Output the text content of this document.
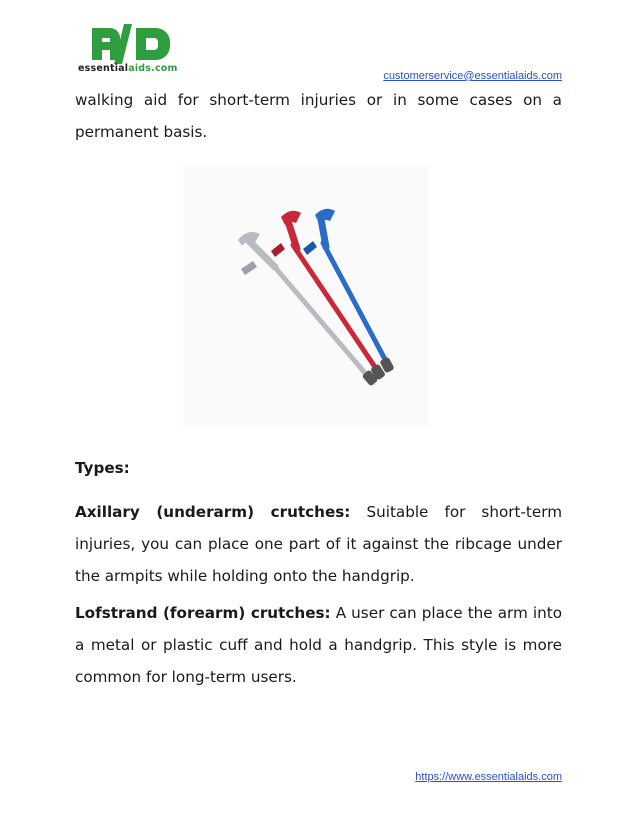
essentialaids.com
customerservice@essentialaids.com
walking aid for short-term injuries or in some cases on a permanent basis.
Types:

Axillary (underarm) crutches: Suitable for short-term injuries, you can place one part of it against the ribcage under the armpits while holding onto the handgrip.

Lofstrand (forearm) crutches: A user can place the arm into a metal or plastic cuff and hold a handgrip. This style is more common for long-term users.

https://www.essentialaids.com
